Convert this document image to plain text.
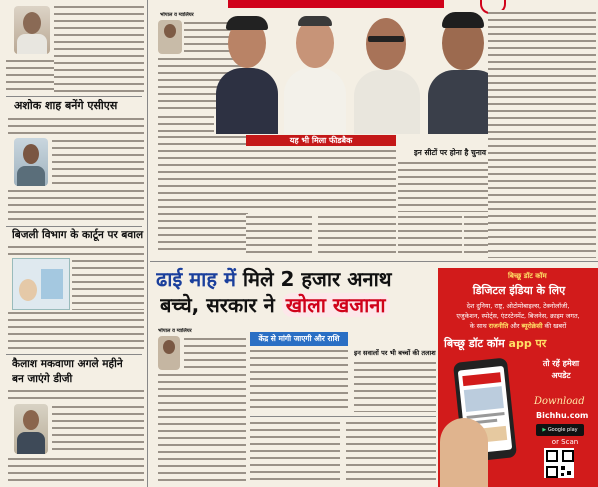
अशोक शाह बनेंगे एसीएस
बिजली विभाग के कार्टून पर बवाल
कैलाश मकवाणा अगले महीने
बन जाएंगे डीजी
भोपाल व ग्वालियर
यह भी मिला फीडबैक
इन सीटों पर होना है चुनाव
ढाई माह में मिले 2 हजार अनाथ
बच्चे, सरकार ने खोला खजाना
भोपाल व ग्वालियर
केंद्र से मांगी जाएगी और राशि
इन सवालों पर भी बच्चों की तलाश
बिच्छू डॉट कॉम
डिजिटल इंडिया के लिए
देश दुनिया, राष्ट्र, ओटोमोबाइल्स, टेक्नोलॉजी,
एजुकेशन, स्पोर्ट्स, एंटरटेनमेंट, बिजनेस, क्राइम जगत,
के साथ राजनीति और ब्यूरोक्रेसी की खबरों
बिच्छू डॉट कॉम app पर
तो रहें हमेशा
अपडेट
Download
Bichhu.com
▶ Google play
or Scan
